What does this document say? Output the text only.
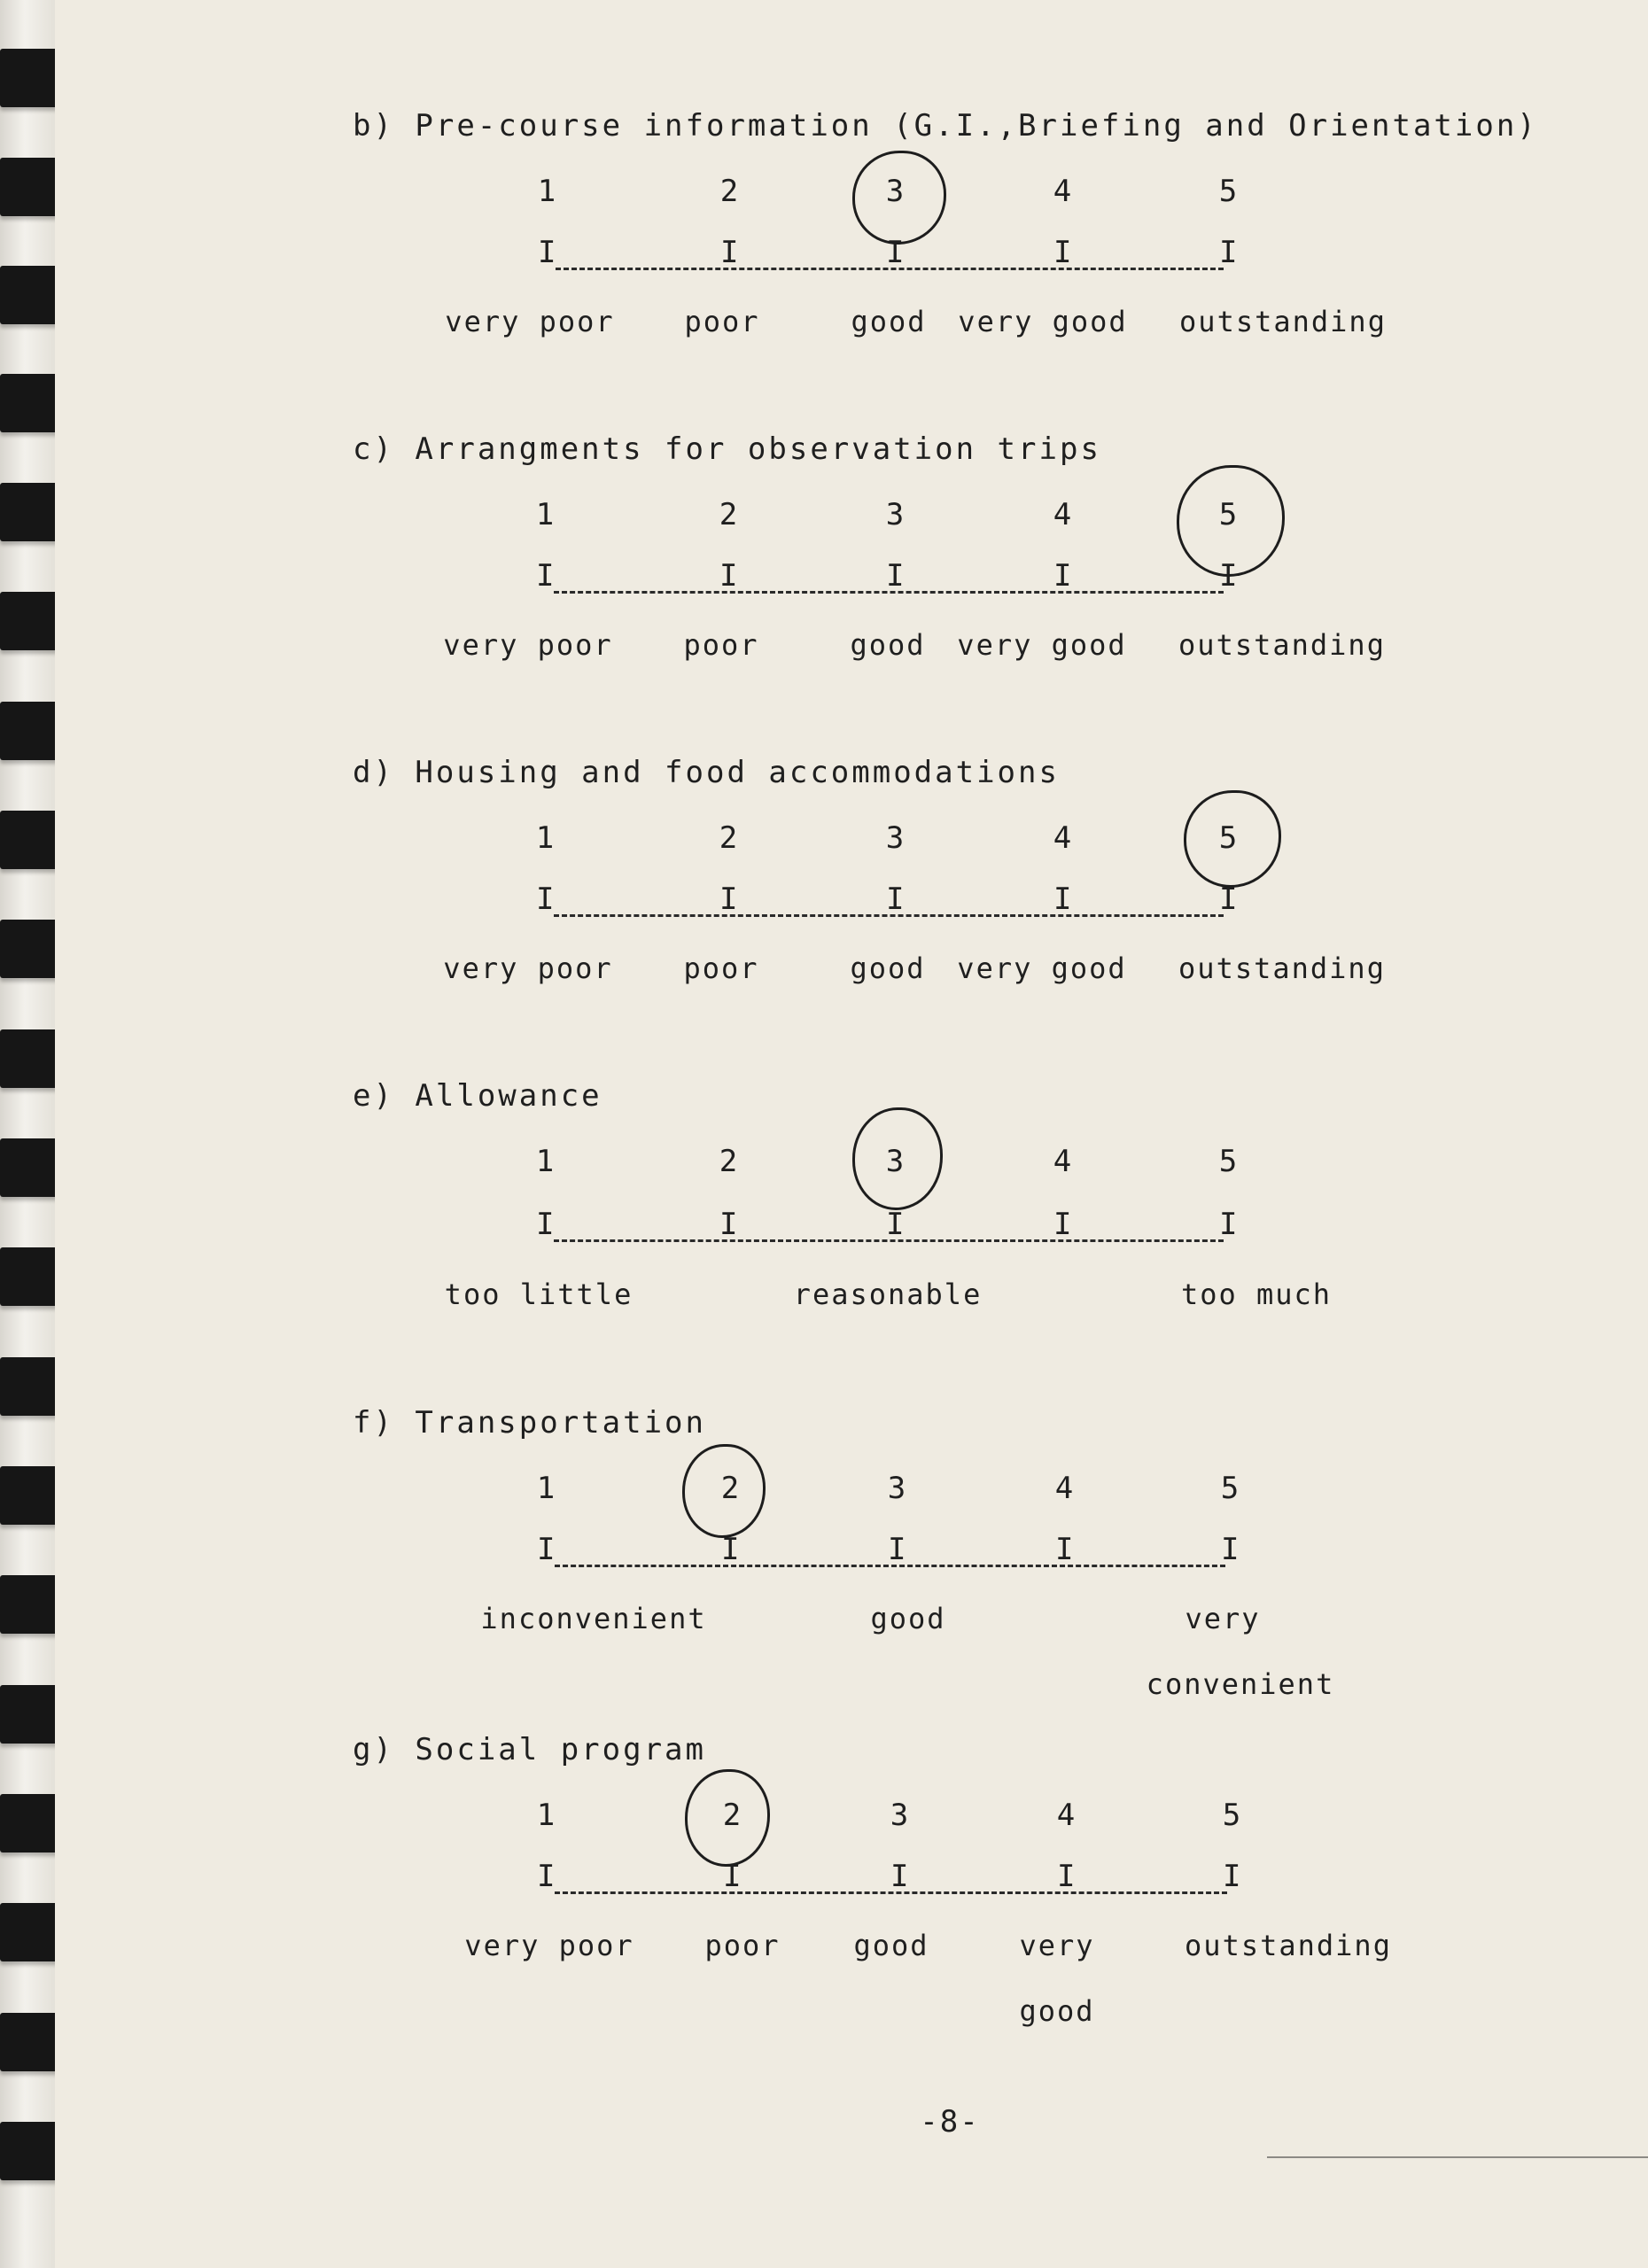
b) Pre-course information (G.I.,Briefing and Orientation)
1	2	3	4	5
I	I	I	I	I
very poor poor	good very good outstanding
c) Arrangments for observation trips
1	2	3	4	5
I	I	I	I	I
very poor poor	good very good outstanding
d) Housing and food accommodations
1	2	3	4	5
I	I	I	I	I
very poor poor	good very good outstanding
e) Allowance
1	2	3	4	5
I	I	I	I	I
too little	reasonable	too much
f) Transportation
1	2	3	4	5
I	I	I	I	I
inconvenient	good	very
convenient
g) Social program
1	2	3	4	5
I	I	I	I	I
very poor poor	good	very
good
outstanding
-8-
